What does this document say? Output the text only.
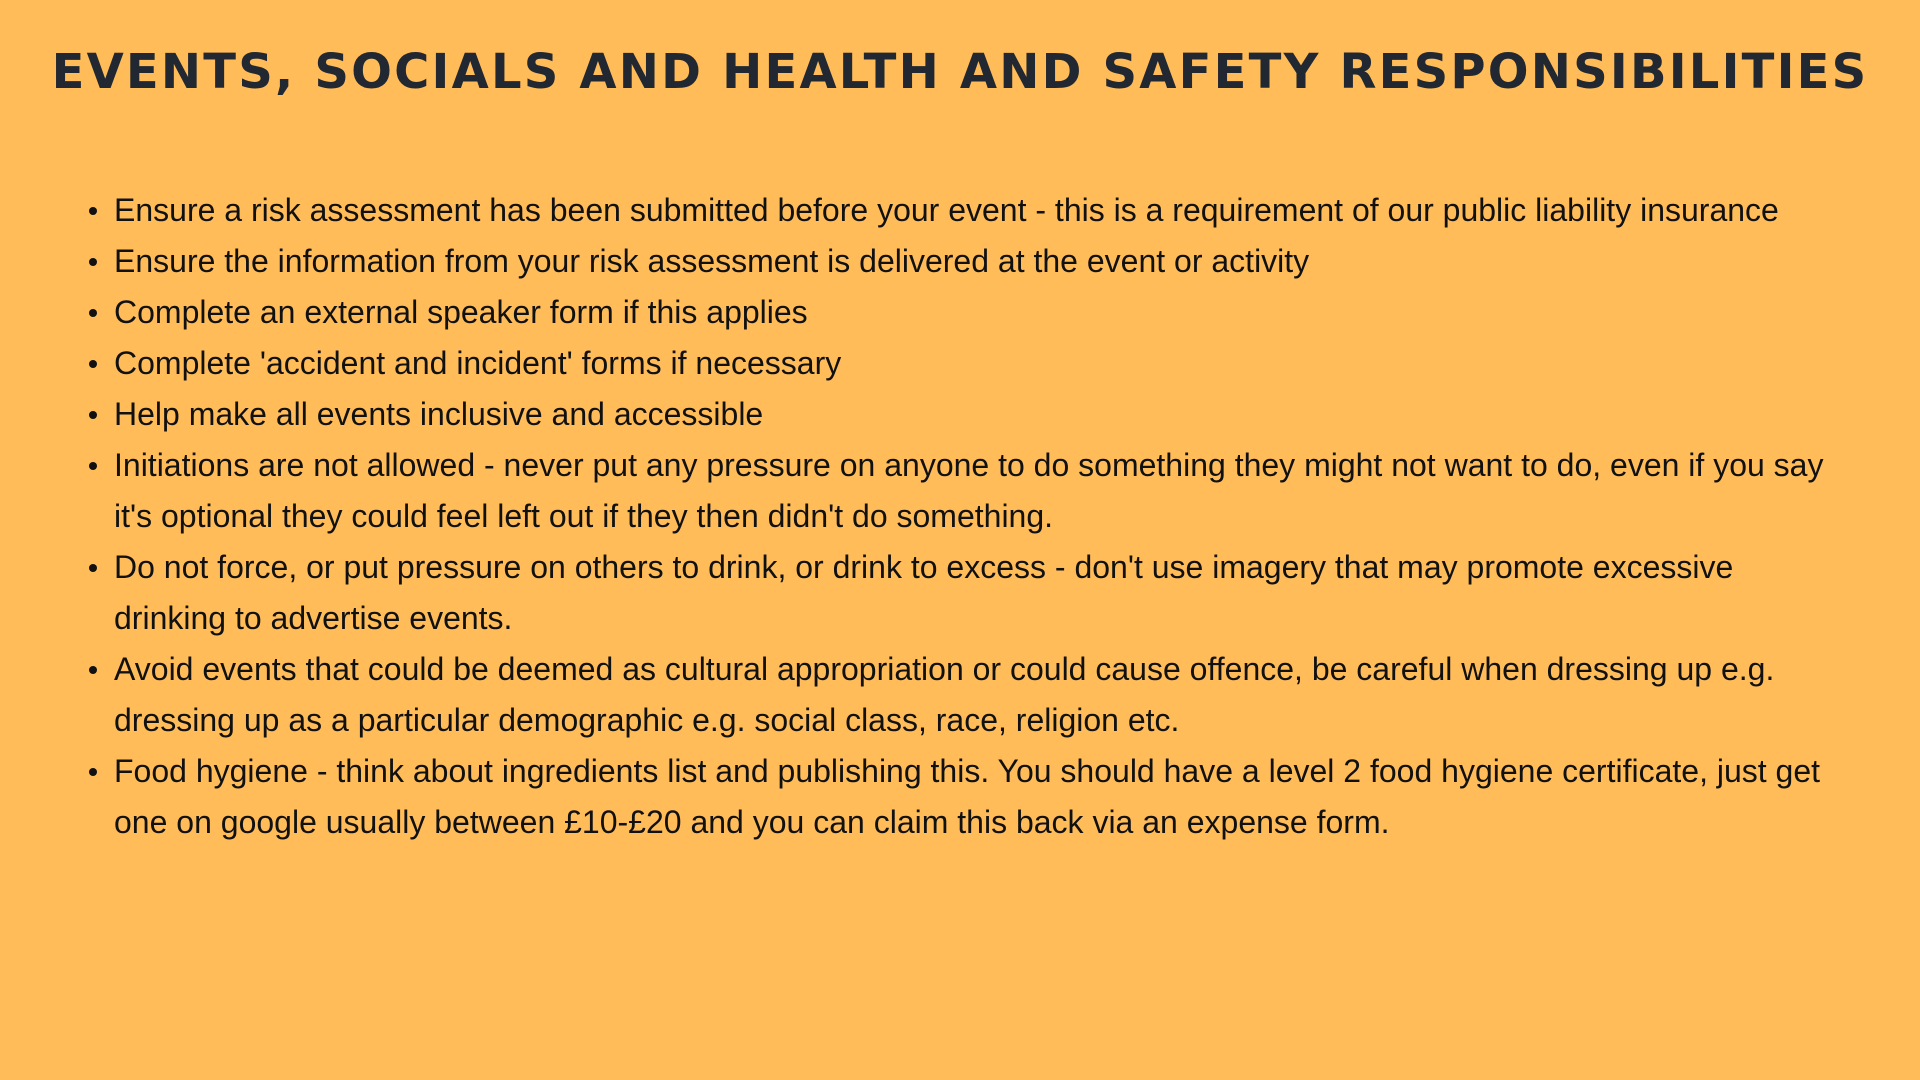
EVENTS, SOCIALS AND HEALTH AND SAFETY RESPONSIBILITIES
Ensure a risk assessment has been submitted before your event - this is a requirement of our public liability insurance
Ensure the information from your risk assessment is delivered at the event or activity
Complete an external speaker form if this applies
Complete 'accident and incident' forms if necessary
Help make all events inclusive and accessible
Initiations are not allowed - never put any pressure on anyone to do something they might not want to do, even if you say it's optional they could feel left out if they then didn't do something.
Do not force, or put pressure on others to drink, or drink to excess - don't use imagery that may promote excessive drinking to advertise events.
Avoid events that could be deemed as cultural appropriation or could cause offence, be careful when dressing up e.g. dressing up as a particular demographic e.g. social class, race, religion etc.
Food hygiene - think about ingredients list and publishing this. You should have a level 2 food hygiene certificate, just get one on google usually between £10-£20 and you can claim this back via an expense form.
